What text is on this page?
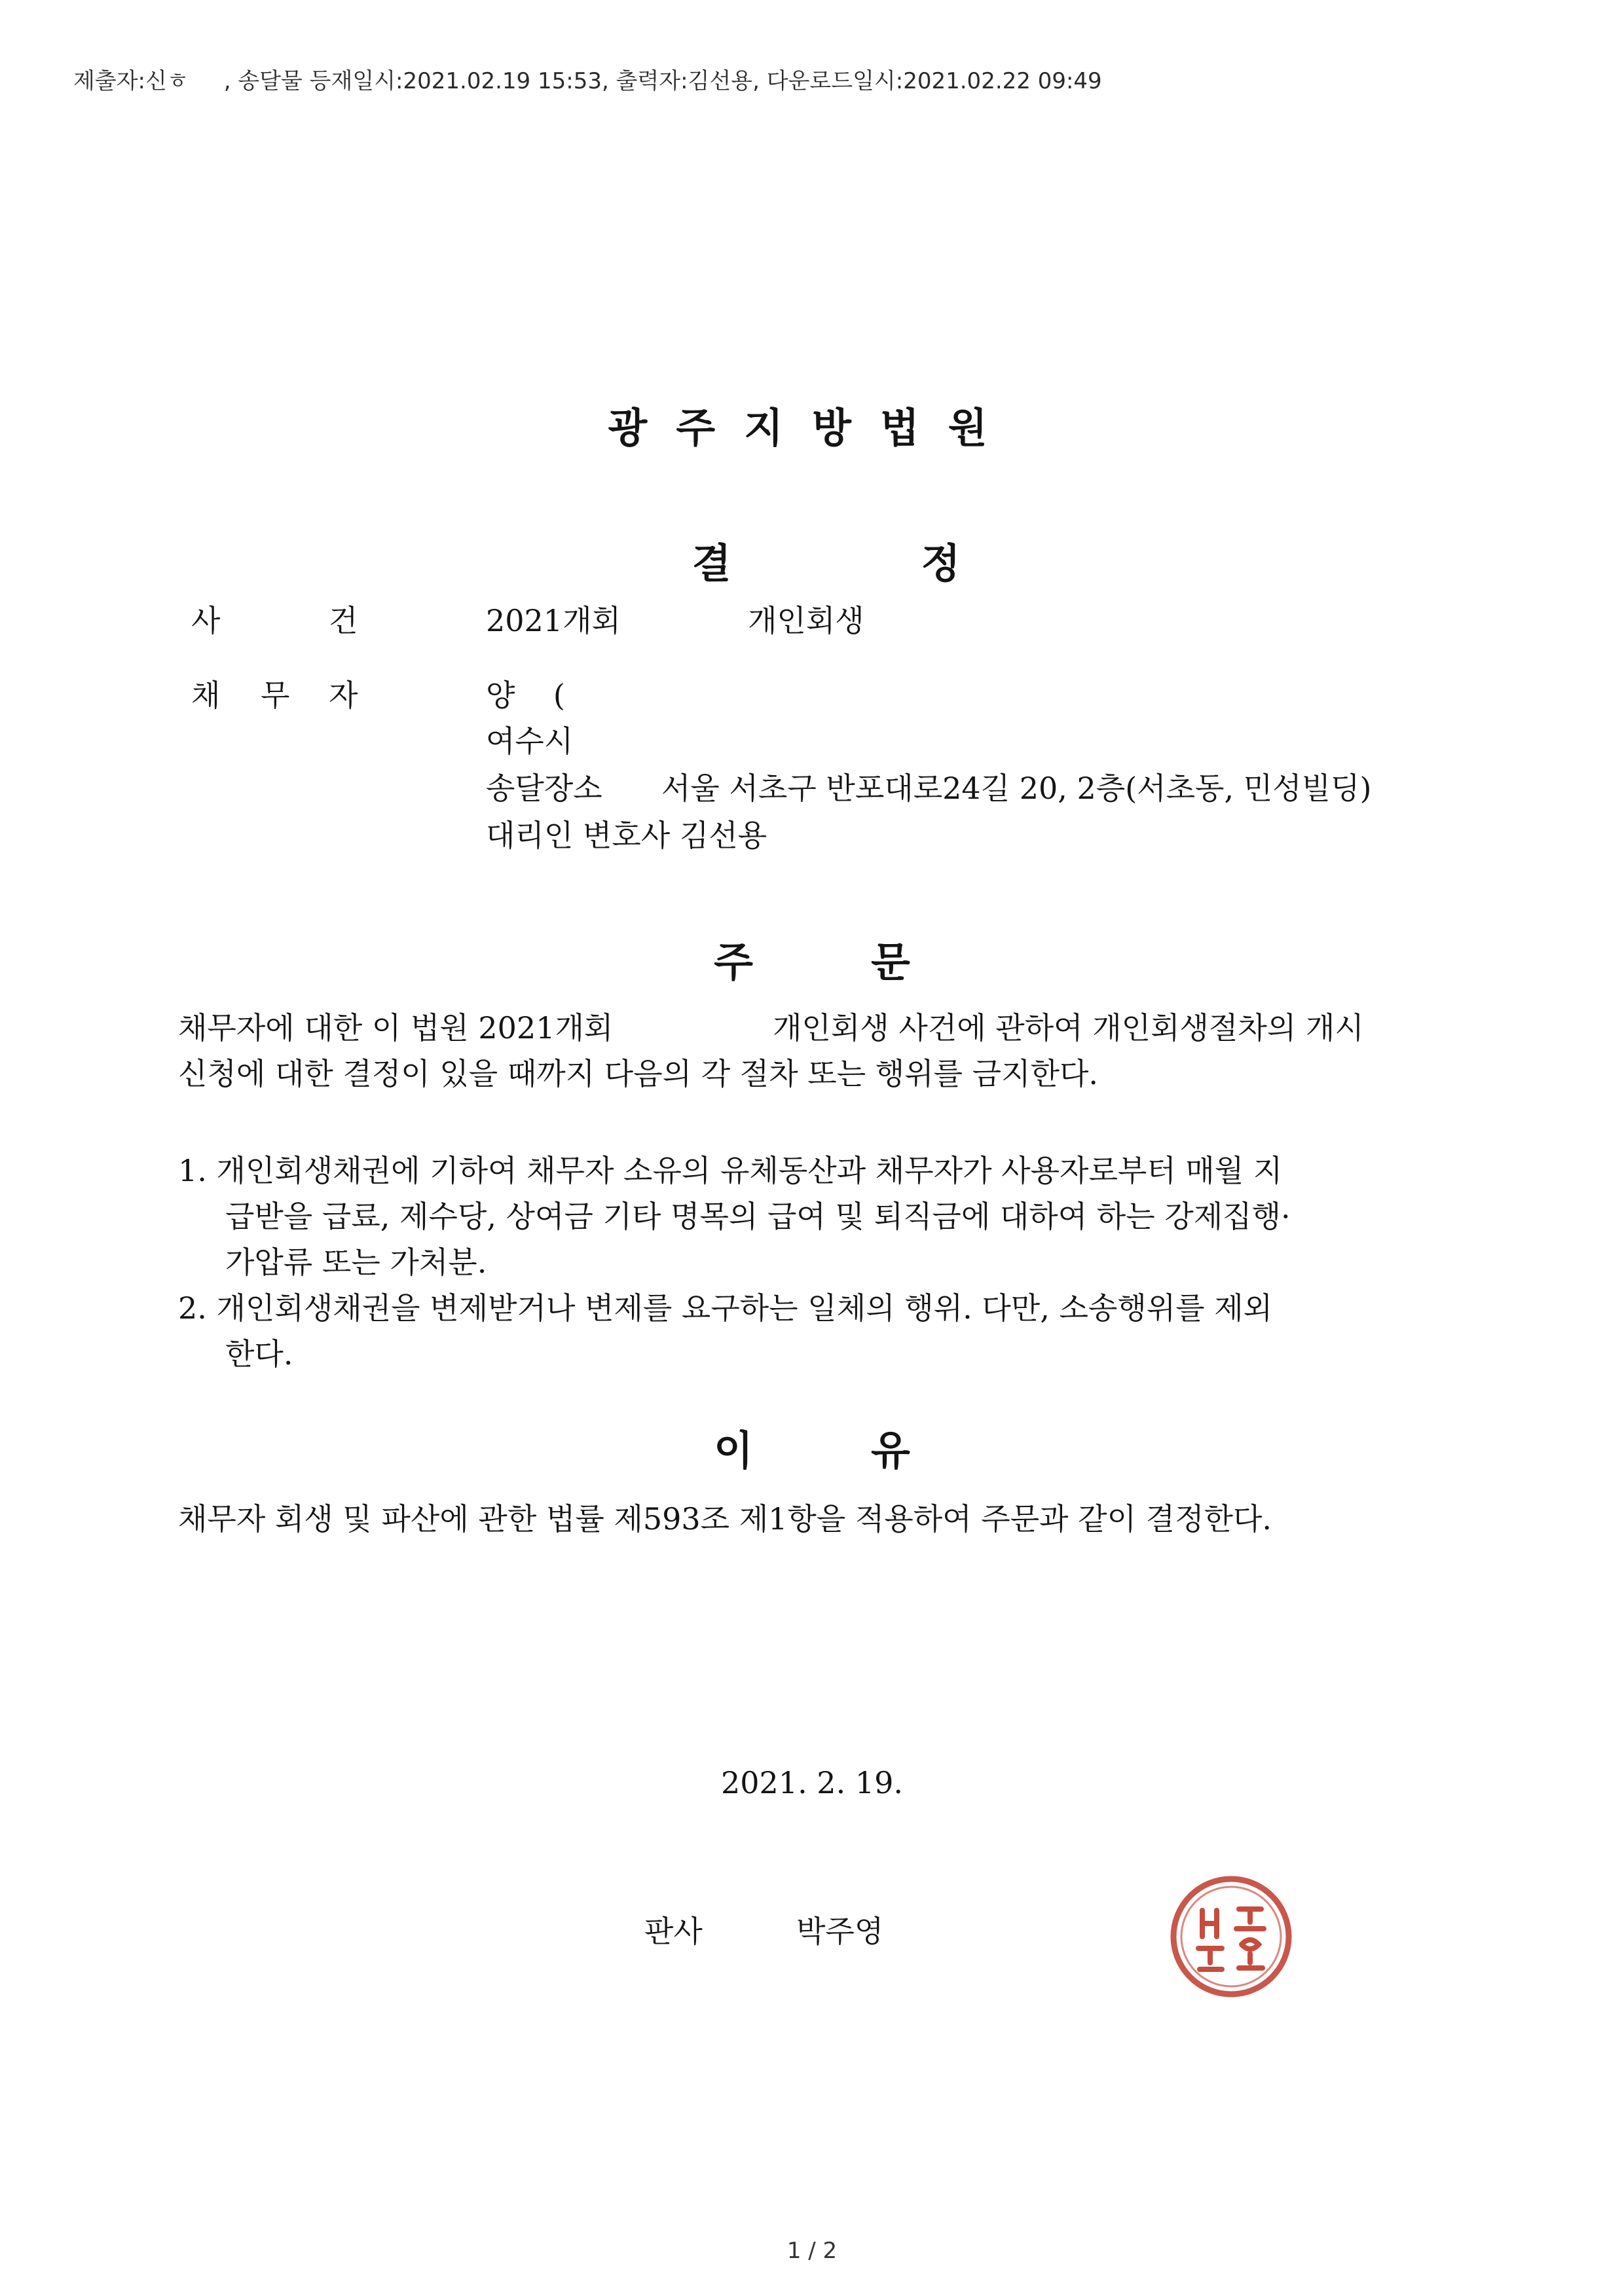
제출자:신ㅎ     , 송달물 등재일시:2021.02.19 15:53, 출력자:김선용, 다운로드일시:2021.02.22 09:49
광주지방법원

결	정

사	건	2021개회	개인회생
채 무 자	양    (
여수시
송달장소 서울 서초구 반포대로24길 20, 2층(서초동, 민성빌딩)
대리인 변호사 김선용
주	문
채무자에 대한 이 법원 2021개회	개인회생 사건에 관하여 개인회생절차의 개시
신청에 대한 결정이 있을 때까지 다음의 각 절차 또는 행위를 금지한다.
1. 개인회생채권에 기하여 채무자 소유의 유체동산과 채무자가 사용자로부터 매월 지
급받을 급료, 제수당, 상여금 기타 명목의 급여 및 퇴직금에 대하여 하는 강제집행·
가압류 또는 가처분.
2. 개인회생채권을 변제받거나 변제를 요구하는 일체의 행위. 다만, 소송행위를 제외
한다.
이	유
채무자 회생 및 파산에 관한 법률 제593조 제1항을 적용하여 주문과 같이 결정한다.
2021. 2. 19.
판사	박주영
1 / 2
